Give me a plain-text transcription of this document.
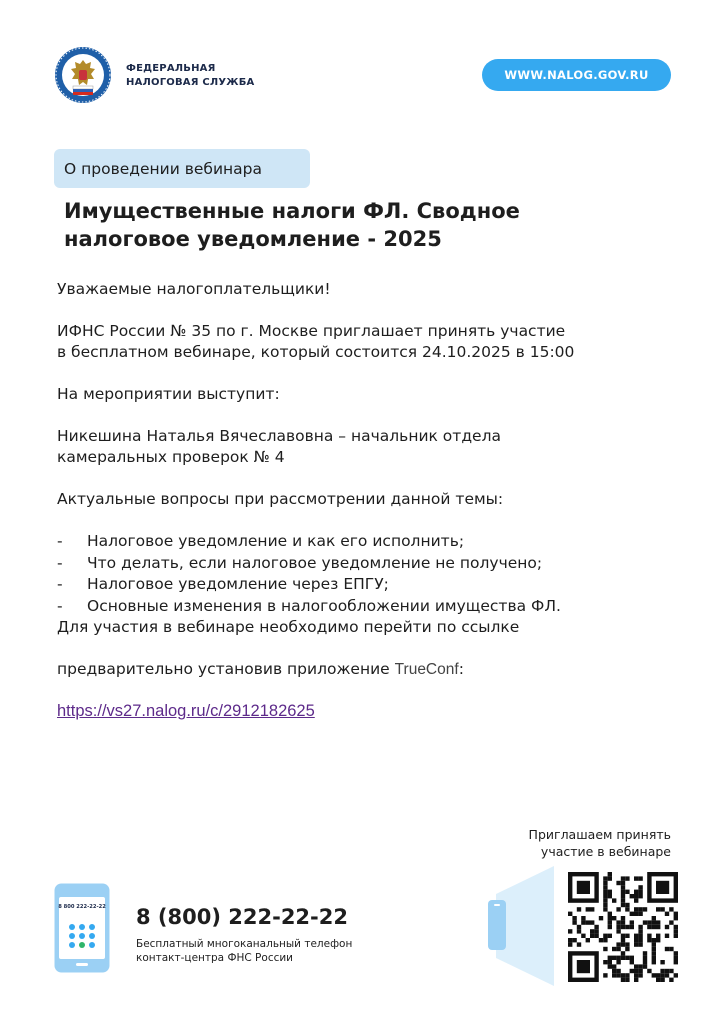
ФЕДЕРАЛЬНАЯ
НАЛОГОВАЯ СЛУЖБА
WWW.NALOG.GOV.RU
О проведении вебинара
Имущественные налоги ФЛ. Сводное
налоговое уведомление - 2025

Уважаемые налогоплательщики!

ИФНС России № 35 по г. Москве приглашает принять участие

в бесплатном вебинаре, который состоится 24.10.2025 в 15:00

На мероприятии выступит:

Никешина Наталья Вячеславовна – начальник отдела

камеральных проверок № 4

Актуальные вопросы при рассмотрении данной темы:

-	Налоговое уведомление и как его исполнить;
-	Что делать, если налоговое уведомление не получено;
-	Налоговое уведомление через ЕПГУ;
-	Основные изменения в налогообложении имущества ФЛ.

Для участия в вебинаре необходимо перейти по ссылке

предварительно установив приложение TrueConf:

https://vs27.nalog.ru/c/2912182625

Приглашаем принять
участие в вебинаре
8 800 222-22-22 8 (800) 222-22-22
Бесплатный многоканальный телефон
контакт-центра ФНС России
